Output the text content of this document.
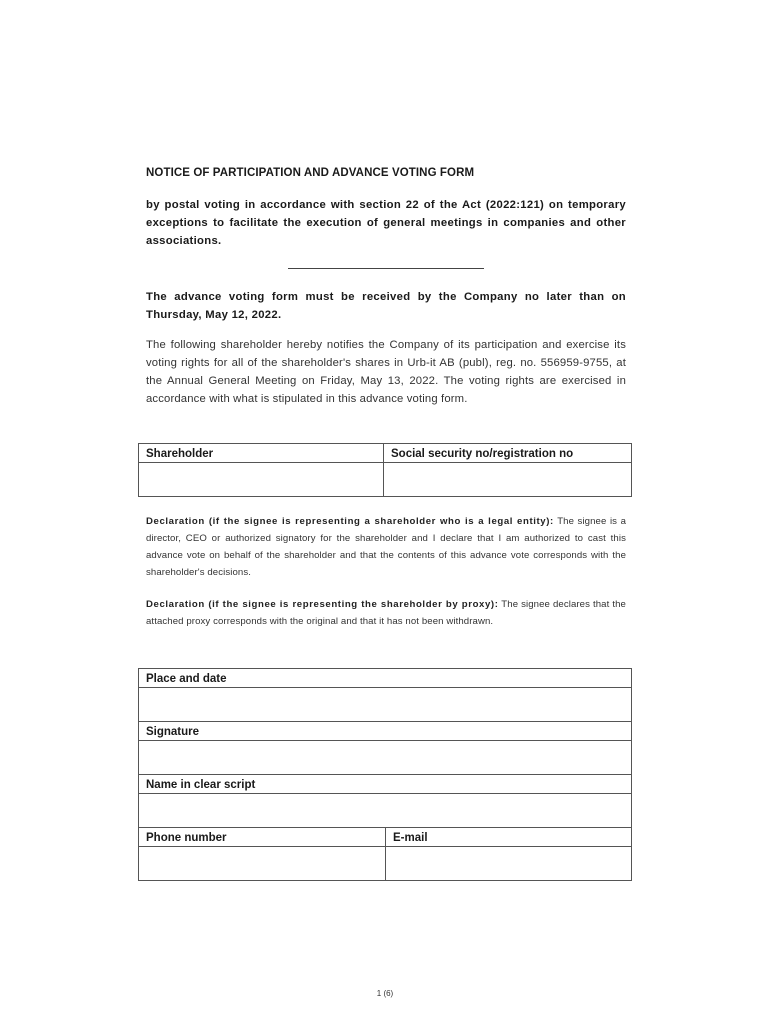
NOTICE OF PARTICIPATION AND ADVANCE VOTING FORM
by postal voting in accordance with section 22 of the Act (2022:121) on temporary exceptions to facilitate the execution of general meetings in companies and other associations.
The advance voting form must be received by the Company no later than on Thursday, May 12, 2022.
The following shareholder hereby notifies the Company of its participation and exercise its voting rights for all of the shareholder's shares in Urb-it AB (publ), reg. no. 556959-9755, at the Annual General Meeting on Friday, May 13, 2022. The voting rights are exercised in accordance with what is stipulated in this advance voting form.
Shareholder	Social security no/registration no

Declaration (if the signee is representing a shareholder who is a legal entity): The signee is a director, CEO or authorized signatory for the shareholder and I declare that I am authorized to cast this advance vote on behalf of the shareholder and that the contents of this advance vote corresponds with the shareholder's decisions.
Declaration (if the signee is representing the shareholder by proxy): The signee declares that the attached proxy corresponds with the original and that it has not been withdrawn.
Place and date	

Signature	

Name in clear script	

Phone number	E-mail

1 (6)
